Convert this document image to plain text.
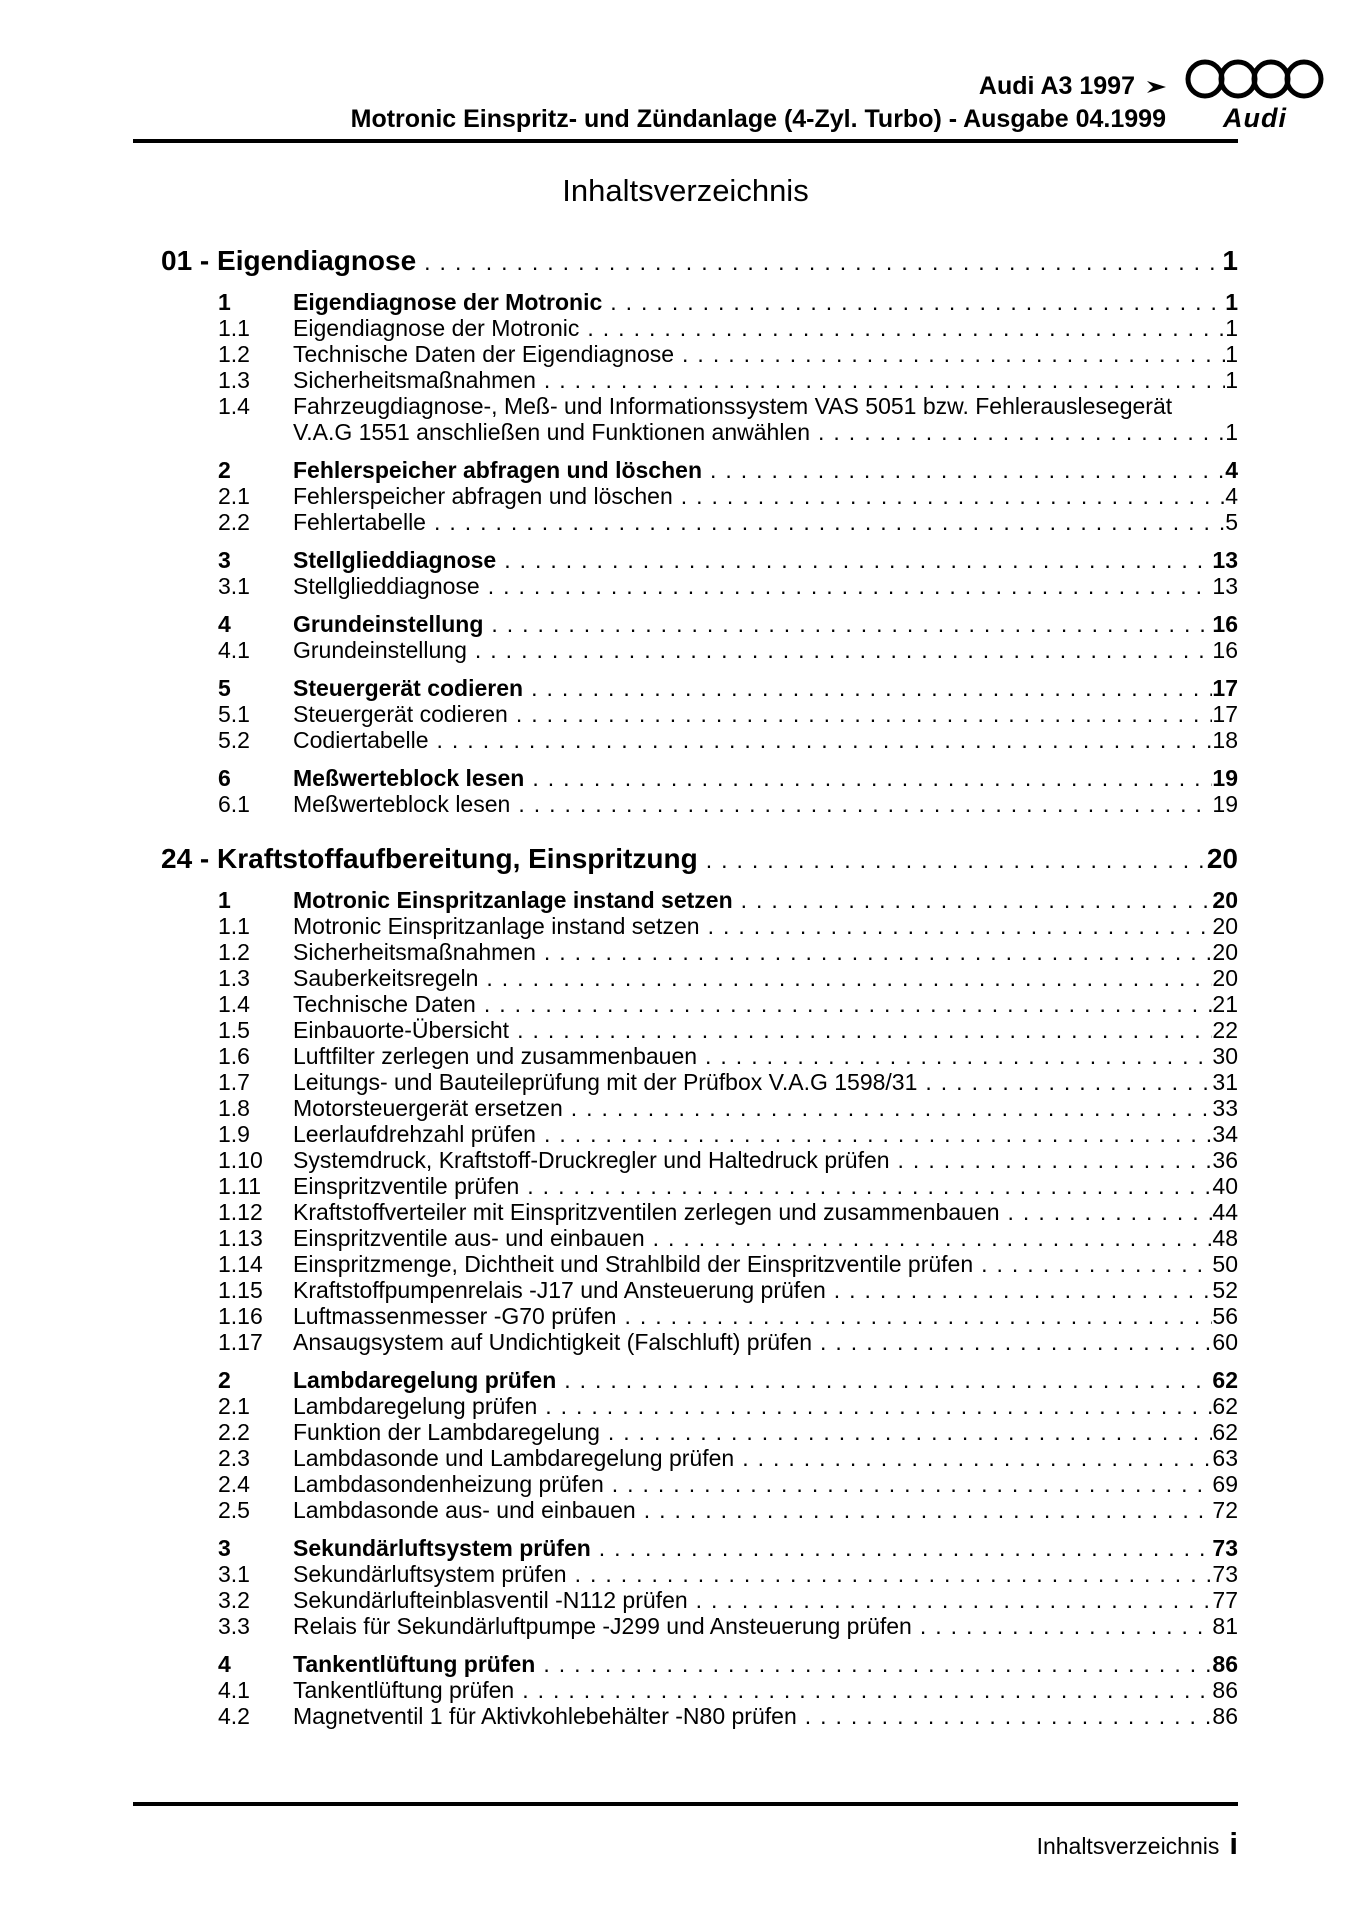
Audi A3 1997
Motronic Einspritz- und Zündanlage (4-Zyl. Turbo) - Ausgabe 04.1999 Audi
Inhaltsverzeichnis
01 - Eigendiagnose .....	1
1	Eigendiagnose der Motronic .....	1
1.1	Eigendiagnose der Motronic .....	1
1.2	Technische Daten der Eigendiagnose .....	1
1.3	Sicherheitsmaßnahmen .....	1
1.4	Fahrzeugdiagnose-, Meß- und Informationssystem VAS 5051 bzw. Fehlerauslesegerät
V.A.G 1551 anschließen und Funktionen anwählen .....	1
2	Fehlerspeicher abfragen und löschen .....	4
2.1	Fehlerspeicher abfragen und löschen .....	4
2.2	Fehlertabelle .....	5
3	Stellglieddiagnose .....	13
3.1	Stellglieddiagnose .....	13
4	Grundeinstellung .....	16
4.1	Grundeinstellung .....	16
5	Steuergerät codieren .....	17
5.1	Steuergerät codieren .....	17
5.2	Codiertabelle .....	18
6	Meßwerteblock lesen .....	19
6.1	Meßwerteblock lesen .....	19
24 - Kraftstoffaufbereitung, Einspritzung .....	20
1	Motronic Einspritzanlage instand setzen .....	20
1.1	Motronic Einspritzanlage instand setzen .....	20
1.2	Sicherheitsmaßnahmen .....	20
1.3	Sauberkeitsregeln .....	20
1.4	Technische Daten .....	21
1.5	Einbauorte-Übersicht .....	22
1.6	Luftfilter zerlegen und zusammenbauen .....	30
1.7	Leitungs- und Bauteileprüfung mit der Prüfbox V.A.G 1598/31 .....	31
1.8	Motorsteuergerät ersetzen .....	33
1.9	Leerlaufdrehzahl prüfen .....	34
1.10	Systemdruck, Kraftstoff-Druckregler und Haltedruck prüfen .....	36
1.11	Einspritzventile prüfen .....	40
1.12	Kraftstoffverteiler mit Einspritzventilen zerlegen und zusammenbauen .....	44
1.13	Einspritzventile aus- und einbauen .....	48
1.14	Einspritzmenge, Dichtheit und Strahlbild der Einspritzventile prüfen .....	50
1.15	Kraftstoffpumpenrelais -J17 und Ansteuerung prüfen .....	52
1.16	Luftmassenmesser -G70 prüfen .....	56
1.17	Ansaugsystem auf Undichtigkeit (Falschluft) prüfen .....	60
2	Lambdaregelung prüfen .....	62
2.1	Lambdaregelung prüfen .....	62
2.2	Funktion der Lambdaregelung .....	62
2.3	Lambdasonde und Lambdaregelung prüfen .....	63
2.4	Lambdasondenheizung prüfen .....	69
2.5	Lambdasonde aus- und einbauen .....	72
3	Sekundärluftsystem prüfen .....	73
3.1	Sekundärluftsystem prüfen .....	73
3.2	Sekundärlufteinblasventil -N112 prüfen .....	77
3.3	Relais für Sekundärluftpumpe -J299 und Ansteuerung prüfen .....	81
4	Tankentlüftung prüfen .....	86
4.1	Tankentlüftung prüfen .....	86
4.2	Magnetventil 1 für Aktivkohlebehälter -N80 prüfen .....	86
Inhaltsverzeichnis i
